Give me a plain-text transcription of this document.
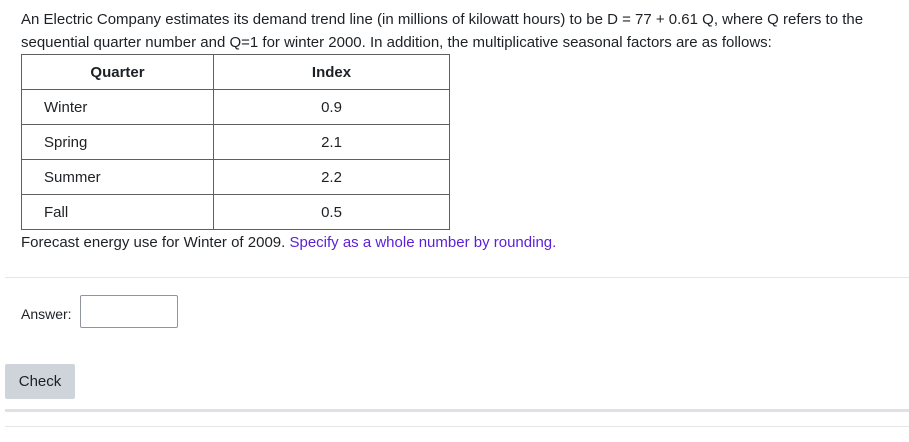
An Electric Company estimates its demand trend line (in millions of kilowatt hours) to be D = 77 + 0.61 Q, where Q refers to the sequential quarter number and Q=1 for winter 2000. In addition, the multiplicative seasonal factors are as follows:

Quarter	Index
Winter	0.9
Spring	2.1
Summer	2.2
Fall	0.5
Forecast energy use for Winter of 2009. Specify as a whole number by rounding.
Answer:
Check
